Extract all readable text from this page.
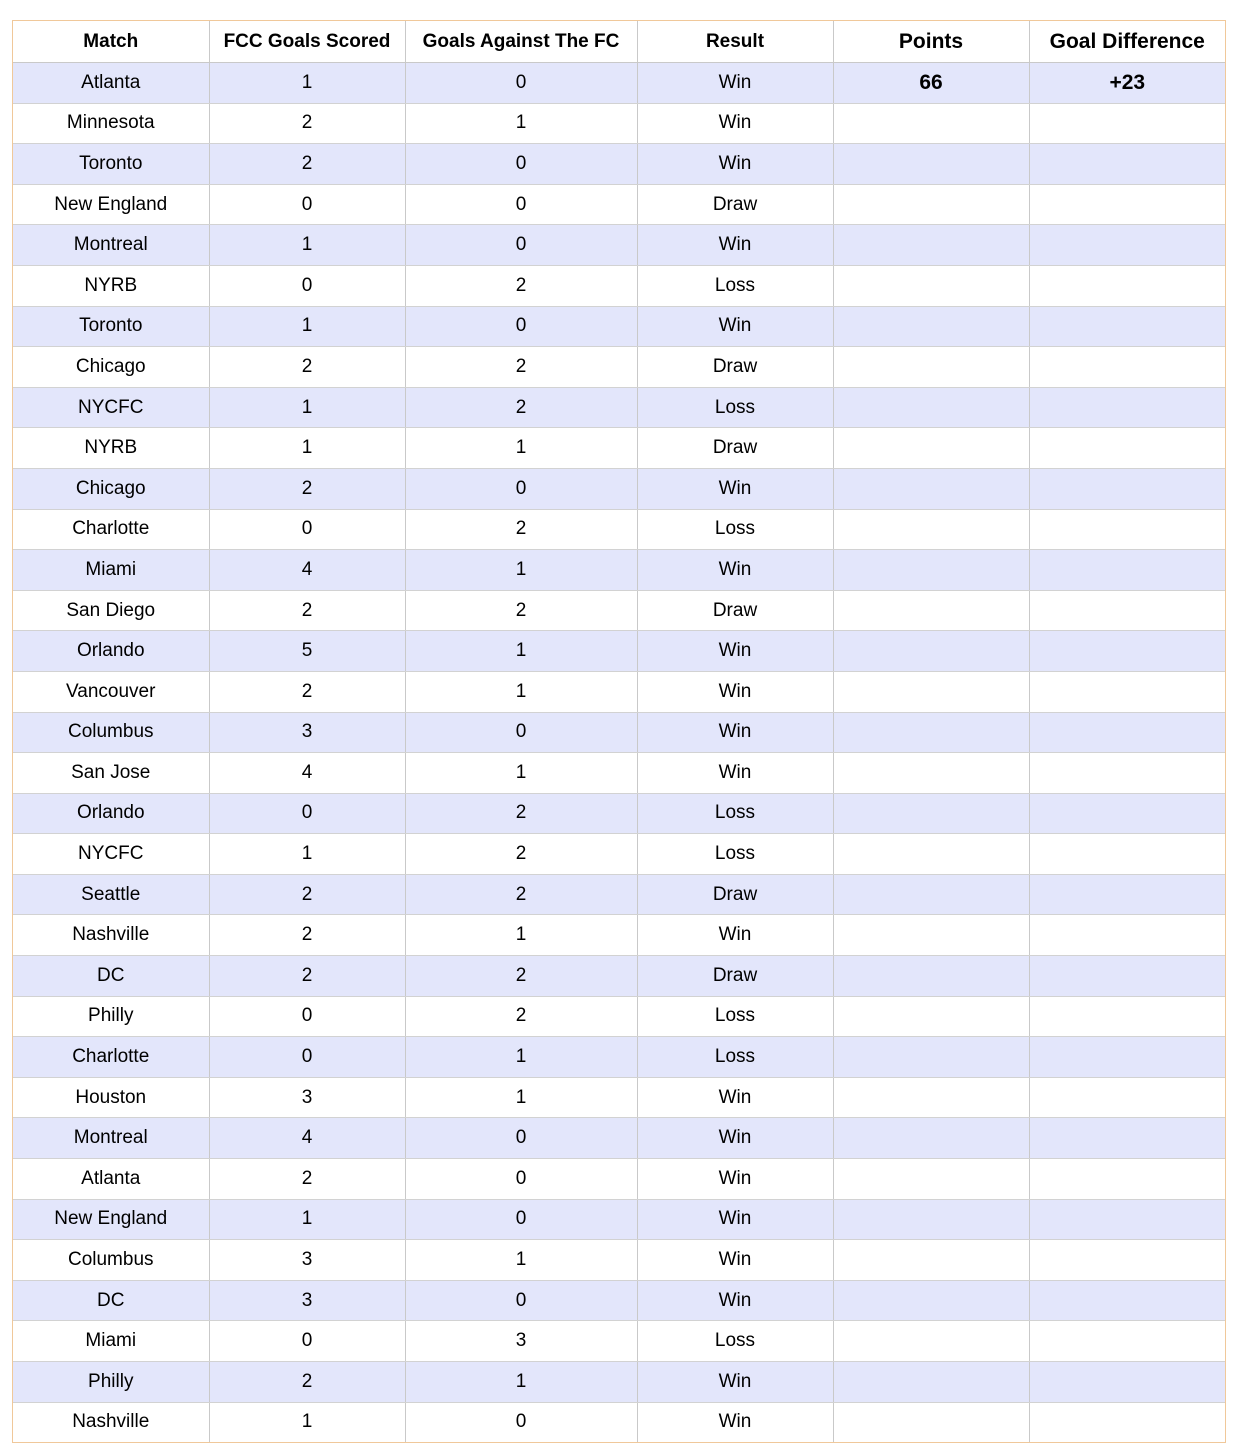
Match	FCC Goals Scored	Goals Against The FC	Result	Points	Goal Difference
Atlanta	1	0	Win	66	+23
Minnesota	2	1	Win		
Toronto	2	0	Win		
New England	0	0	Draw		
Montreal	1	0	Win		
NYRB	0	2	Loss		
Toronto	1	0	Win		
Chicago	2	2	Draw		
NYCFC	1	2	Loss		
NYRB	1	1	Draw		
Chicago	2	0	Win		
Charlotte	0	2	Loss		
Miami	4	1	Win		
San Diego	2	2	Draw		
Orlando	5	1	Win		
Vancouver	2	1	Win		
Columbus	3	0	Win		
San Jose	4	1	Win		
Orlando	0	2	Loss		
NYCFC	1	2	Loss		
Seattle	2	2	Draw		
Nashville	2	1	Win		
DC	2	2	Draw		
Philly	0	2	Loss		
Charlotte	0	1	Loss		
Houston	3	1	Win		
Montreal	4	0	Win		
Atlanta	2	0	Win		
New England	1	0	Win		
Columbus	3	1	Win		
DC	3	0	Win		
Miami	0	3	Loss		
Philly	2	1	Win		
Nashville	1	0	Win		
